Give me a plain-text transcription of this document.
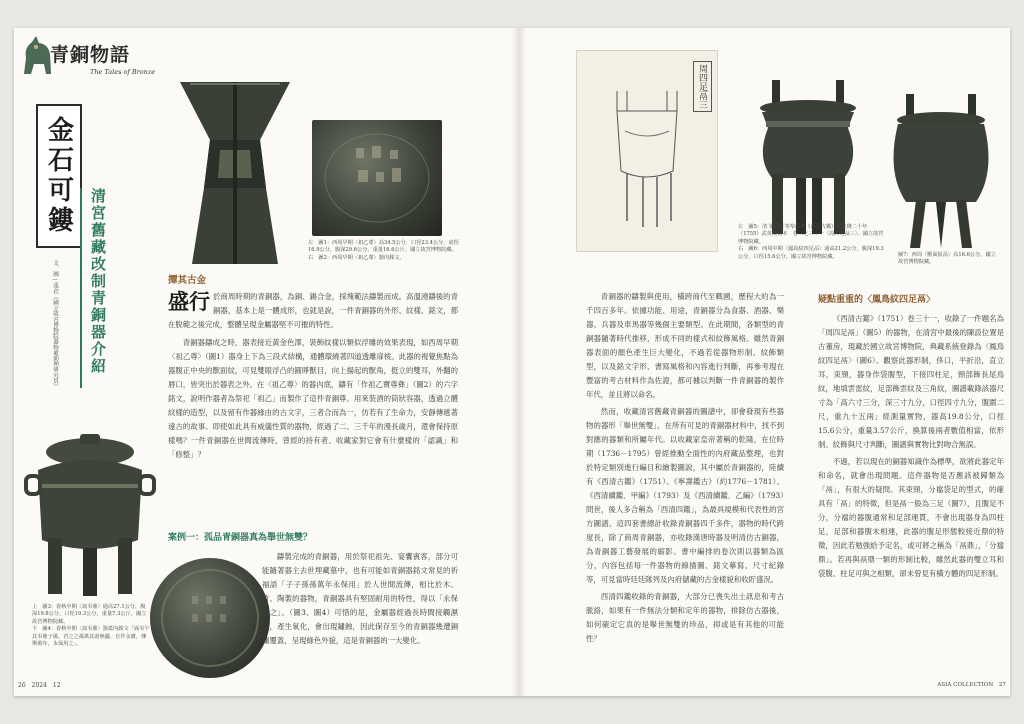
青銅物語
The Tales of Bronze
金石可鏤
清宮舊藏改制青銅器介紹
文．圖—張莅（國立故宮博物院器物處助理研究員）
左　圖1：西周早期〈祖乙尊〉高34.5公分，口徑23.4公分，底徑16.9公分，腹深29.6公分，重量16.6公斤。國立故宮博物院藏。
右　圖2：西周早期〈祖乙尊〉器內銘文。
撢其古金

盛行 於商周時期的青銅器，為銅、錫合金，採塊範法鑄製而成。高溫澆鑄後的青銅器，基本上是一體成形，也就是說，一件青銅器的外形、紋樣、銘文，都在脫範之後完成，整體呈現金屬器堅不可摧的特性。

青銅器鑄成之時，器表接近黃金色澤，裝飾紋樣以類似浮雕的效果表現，如西周早期〈祖乙尊〉（圖1）器身上下為三段式結構，通體環繞著四道透雕扉棱。此器的視覺焦點為器腹正中央的獸面紋，可見雙眼浮凸的圓睜獸目，向上揚起的獸角，挺立的雙耳，外翻的唇口，皆突出於器表之外。在〈祖乙尊〉的器內底，鑄有「作祖乙寶尊彝」（圖2）的六字銘文，說明作器者為祭祀「祖乙」而製作了這件青銅尊。用來裝酒的筒狀容器，透過立體紋樣的造型，以及留有作器緣由的古文字，三者合而為一，仿若有了生命力，安靜傳遞著遠古的故事。即使如此具有威儀性質的器物，經過了二、三千年的漫長歲月，還會保持原樣嗎？一件青銅器在世間流傳時，曾經的持有者、收藏家對它會有什麼樣的「認識」和「修整」？

上　圖3：春秋中期〈嵩弔鼎〉通高27.1公分，腹深19.8公分，口徑19.3公分，重量7.3公斤。國立故宮博物院藏。
下　圖4：春秋中期〈嵩弔鼎〉器蓋內銘文「嵩弔乍其弔鼎子孫，君之之孫萬其壽無疆，自作永寶，傳舉萬年，永保用之」。
案例一：孤品青銅器真為舉世無雙？

鑄製完成的青銅器，用於祭祀祖先、宴饗賓客，部分可能隨著器主去世埋藏墓中，也有可能如青銅器銘文常見的祈福語「子子孫孫萬年永保用」於人世間流傳，相比於木、竹、陶製的器物，青銅器具有堅固耐用的特性，得以「永保用之」。（圖3、圖4）可惜的是，金屬器經過長時間接觸濕氣，產生氧化，會出現鏽蝕，因此保存至今的青銅器幾遭銅鏽覆蓋，呈現綠色外貌，這是青銅器的一大變化。

26　2024　12
周四足鬲三
左　圖5：清 梁詩正等奉敕撰《西清古鑑》清乾隆二十年（1755）武英殿刻本　卷三之三十一〈周四足鬲三〉。國立故宮博物院藏。
右　圖6：西周中期〈鳳鳥紋四足鬲〉通高21.2公分，腹深19.3公分，口徑15.6公分。國立故宮博物院藏。	圖7：西周〈獸面紋鬲〉高16.6公分。國立故宮博物院藏。

青銅器的鑄製與使用，橫跨商代至戰國，歷程大約為一千四百多年。依據功能、用途，青銅器分為食器、酒器、樂器、兵器及車馬器等幾個主要類型。在此期間，各類型的青銅器隨著時代推移，形成不同的樣式和紋飾風格。雖然青銅器表面的顏色產生巨大變化，不過若從器物形制、紋飾類型，以及銘文字形、書寫風格和內容進行判斷，再參考現在豐富的考古材料作為佐證，都可據以判斷一件青銅器的製作年代，並且將以命名。

然而，收藏清宮舊藏青銅器的圖譜中，卻會發現有些器物的器形「舉世無雙」。在所有可見的青銅器材料中，找不到對應的器類和所屬年代。以收藏家皇帝著稱的乾隆，在位時期（1736－1795）曾經推動全面性的內府藏品整理，也對於特定類別進行編目和繪製圖說，其中屬於青銅器的，陸續有《西清古鑑》（1751）、《寧壽鑑古》（約1776－1781）、《西清續鑑．甲編》（1793）及《西清續鑑．乙編》（1793）問世，後人多合稱為「西清四鑑」，為最具規模和代表性的宮方圖譜。這四套書總計收錄青銅器四千多件，器物的時代跨度長，除了商周青銅器，亦收錄漢唐時器及明清仿古銅器，為青銅器工藝發展的縮影。書中編排的卷次則以器類為區分，內容包括每一件器物的線描圖、銘文摹寫、尺寸紀錄等，可見當時廷廷隊列及內府儲藏的古金樣貌和收貯盛況。

西清四鑑收錄的青銅器，大部分已喪失出土訊息和考古脈絡，如果有一件無法分類和定年的器物，排除仿古器後，如何確定它真的是舉世無雙的珍品，抑或是有其他的可能性？

疑點重重的〈鳳鳥紋四足鬲〉

《西清古鑑》（1751）卷三十一，收錄了一件題名為「周四足鬲」（圖5）的器物，在清宮中最後的陳設位置是古董房，現藏於國立故宮博物院，典藏系統登錄為〈鳳鳥紋四足鬲〉（圖6）。觀察此器形制，侈口，平折沿，直立耳，束頸，器身作袋腹型，下接四柱足，頸部飾長尾鳥紋，地填雲雷紋，足部飾雲紋及三角紋，圖譜載錄該器尺寸為「高六寸三分，深三寸九分，口徑四寸九分，腹圍二尺，重九十五兩」經測量實物，器高19.8公分，口徑15.6公分，重量3.57公斤，換算後兩者數值相當，依形制、紋飾與尺寸判斷，圖譜與實物比對吻合無誤。

不過，若以現在的銅器知識作為標準，欲將此器定年和命名，就會出現問題。這件器物是否應該被歸類為「鬲」，有很大的疑問。其束頸，分襠袋足的型式，的確具有「鬲」的特徵，但是鬲一般為三足（圖7），且腹足不分，分襠的器腹通常和足部連貫，不會出現器身為四柱足，足部和器腹未相連，此器的腹足形態較接近鼎的特徵，因此若勉強給予定名，或可將之稱為「鬲鼎」，「分襠鼎」。若再與鬲鼎一類的形制比較，雖然此器的雙立耳和袋腹、柱足可與之相類，卻未曾見有橫方體的四足形制。

ASIA COLLECTION　27
